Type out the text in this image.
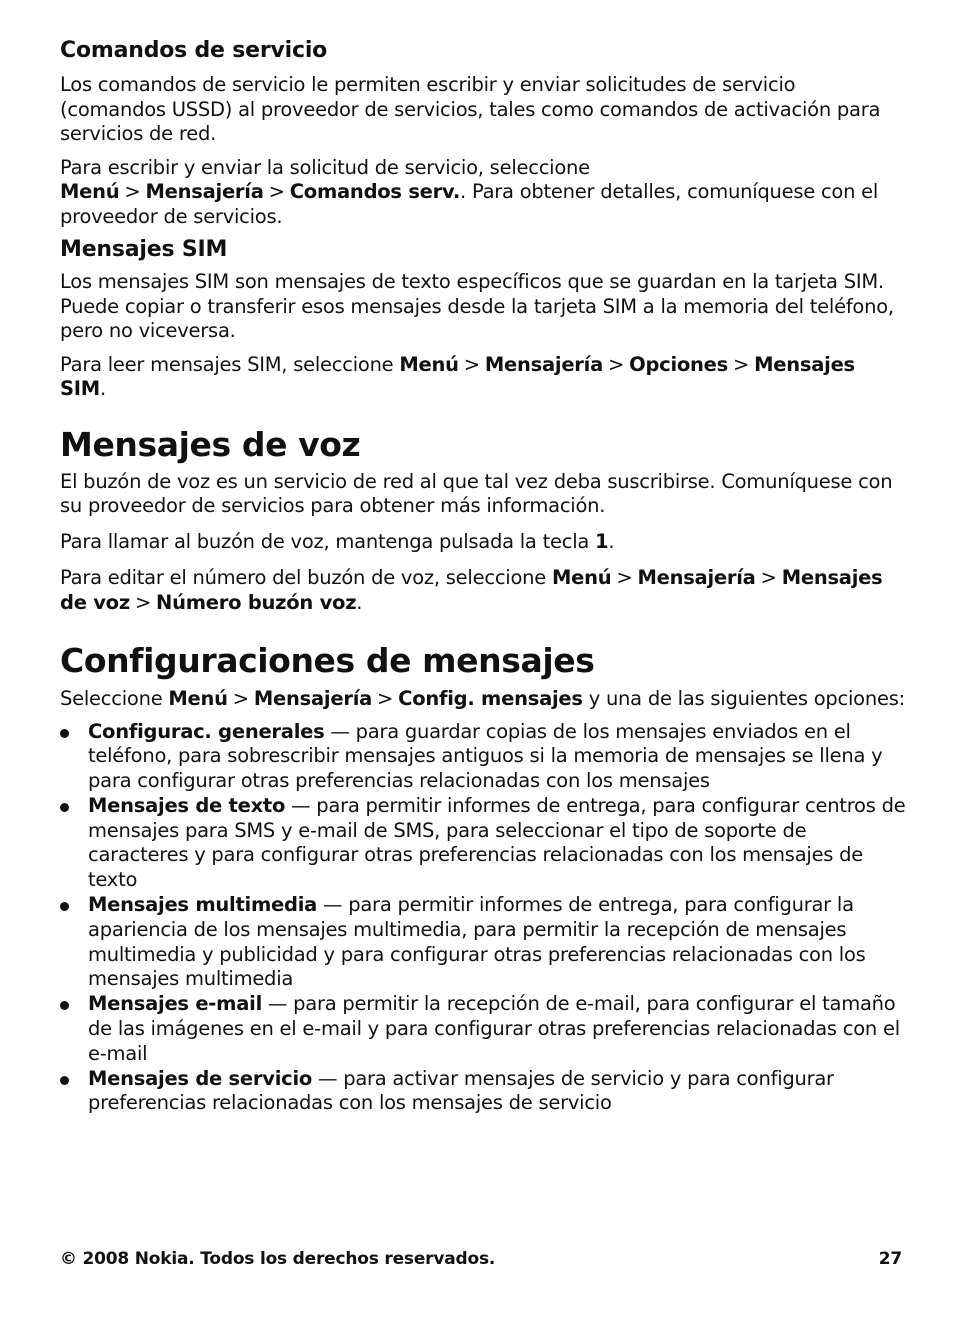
Comandos de servicio

Los comandos de servicio le permiten escribir y enviar solicitudes de servicio (comandos USSD) al proveedor de servicios, tales como comandos de activación para servicios de red.

Para escribir y enviar la solicitud de servicio, seleccione Menú > Mensajería > Comandos serv.. Para obtener detalles, comuníquese con el proveedor de servicios.

Mensajes SIM

Los mensajes SIM son mensajes de texto específicos que se guardan en la tarjeta SIM. Puede copiar o transferir esos mensajes desde la tarjeta SIM a la memoria del teléfono, pero no viceversa.

Para leer mensajes SIM, seleccione Menú > Mensajería > Opciones > Mensajes SIM.

Mensajes de voz

El buzón de voz es un servicio de red al que tal vez deba suscribirse. Comuníquese con su proveedor de servicios para obtener más información.

Para llamar al buzón de voz, mantenga pulsada la tecla 1.

Para editar el número del buzón de voz, seleccione Menú > Mensajería > Mensajes de voz > Número buzón voz.

Configuraciones de mensajes

Seleccione Menú > Mensajería > Config. mensajes y una de las siguientes opciones:

Configurac. generales — para guardar copias de los mensajes enviados en el teléfono, para sobrescribir mensajes antiguos si la memoria de mensajes se llena y para configurar otras preferencias relacionadas con los mensajes
Mensajes de texto — para permitir informes de entrega, para configurar centros de mensajes para SMS y e-mail de SMS, para seleccionar el tipo de soporte de caracteres y para configurar otras preferencias relacionadas con los mensajes de texto
Mensajes multimedia — para permitir informes de entrega, para configurar la apariencia de los mensajes multimedia, para permitir la recepción de mensajes multimedia y publicidad y para configurar otras preferencias relacionadas con los mensajes multimedia
Mensajes e-mail — para permitir la recepción de e-mail, para configurar el tamaño de las imágenes en el e-mail y para configurar otras preferencias relacionadas con el e-mail
Mensajes de servicio — para activar mensajes de servicio y para configurar preferencias relacionadas con los mensajes de servicio
© 2008 Nokia. Todos los derechos reservados.	27
